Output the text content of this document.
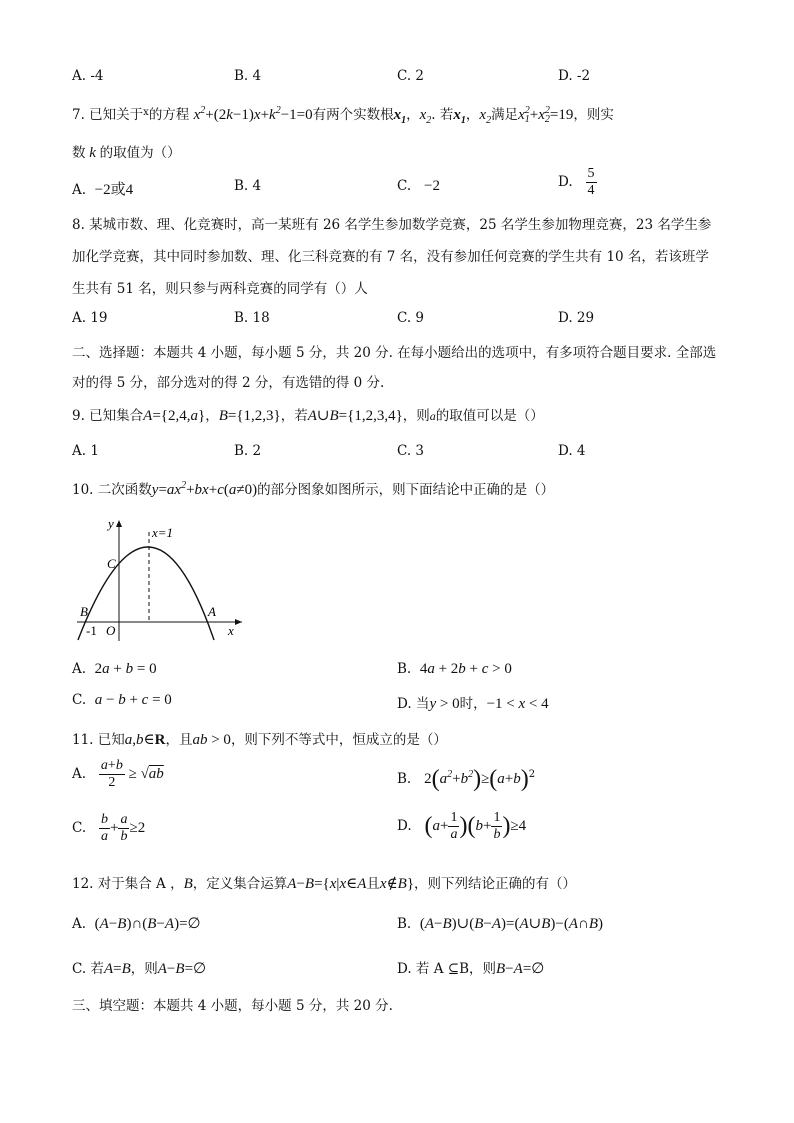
A. -4	B. 4	C. 2	D. -2
7. 已知关于$^x$的方程 $x^2+(2k-1)x+k^2-1=0$有两个实数根$x_1$，$x_2$. 若$x_1$，$x_2$满足$x_1^2+x_2^2=19$，则实
数 k 的取值为（）
A. −2或4	B. 4	C. −2	D. $\frac{5}{4}$
8. 某城市数、理、化竞赛时，高一某班有 26 名学生参加数学竞赛，25 名学生参加物理竞赛，23 名学生参
加化学竞赛，其中同时参加数、理、化三科竞赛的有 7 名，没有参加任何竞赛的学生共有 10 名，若该班学
生共有 51 名，则只参与两科竞赛的同学有（）人
A. 19	B. 18	C. 9	D. 29
二、选择题：本题共 4 小题，每小题 5 分，共 20 分. 在每小题给出的选项中，有多项符合题目要求. 全部选
对的得 5 分，部分选对的得 2 分，有选错的得 0 分.
9. 已知集合A={2,4,a}，B={1,2,3}，若A∪B={1,2,3,4}，则a的取值可以是（）
A. 1	B. 2	C. 3	D. 4
10. 二次函数$y=ax^2+bx+c(a\ne 0)$的部分图象如图所示，则下面结论中正确的是（）
y
x=1
C
B	A
-1 O	x
A. 2a + b = 0	B. 4a + 2b + c > 0
C. a − b + c = 0	D. 当y > 0时，−1 < x < 4
11. 已知a,b∈R，且ab > 0，则下列不等式中，恒成立的是（）
A. $\frac{a+b}{2} \ge √ab$	B. $2(a^2+b^2)\ge(a+b)^2$
C. $\frac{b}{a} + \frac{a}{b} \ge 2$	D. $(a+ \frac{1}{a} )(b+ \frac{1}{b} )\ge 4$
12. 对于集合 A ，B，定义集合运算A−B={x|x∈A且x∉B}，则下列结论正确的有（）
A. (A−B)∩(B−A)=∅	B. (A−B)∪(B−A)=(A∪B)−(A∩B)
C. 若A=B，则A−B=∅	D. 若 A ⊆B，则B−A=∅
三、填空题：本题共 4 小题，每小题 5 分，共 20 分.
